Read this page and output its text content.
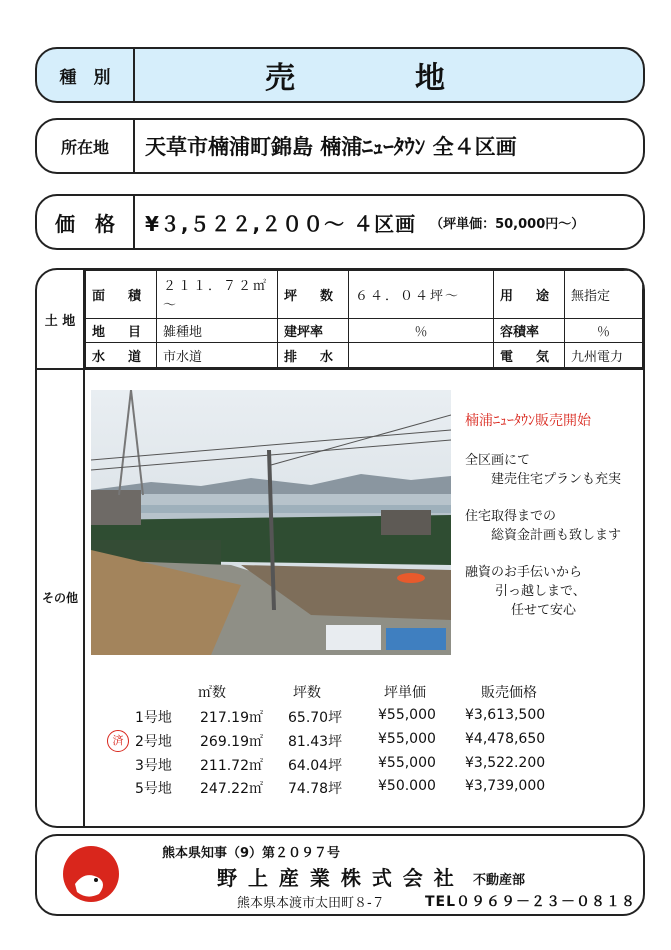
種　別	売　　　　地
所在地	天草市楠浦町錦島 楠浦ﾆｭｰﾀｳﾝ 全４区画
価　格	¥３,５２２,２００～ ４区画 （坪単価：50,000円～）
土 地
面　積	２１１．７２㎡～	坪　数	６４．０４坪～	用　途	無指定
地　目	雑種地	建坪率	％	容積率	％
水　道	市水道	排　水		電　気	九州電力
その他
楠浦ﾆｭｰﾀｳﾝ販売開始
全区画にて
建売住宅プランも充実
住宅取得までの
総資金計画も致します
融資のお手伝いから
引っ越しまで、
任せて安心
㎡数	坪数	坪単価	販売価格
済
1号地 217.19㎡ 65.70坪	¥55,000 ¥3,613,500
2号地 269.19㎡ 81.43坪	¥55,000 ¥4,478,650
3号地 211.72㎡ 64.04坪	¥55,000 ¥3,522.200
5号地 247.22㎡ 74.78坪	¥50.000 ¥3,739,000
熊本県知事（9）第２０９７号
野 上 産 業 株 式 会 社 不動産部
熊本県本渡市太田町８-７	TEL０９６９－２３－０８１８
